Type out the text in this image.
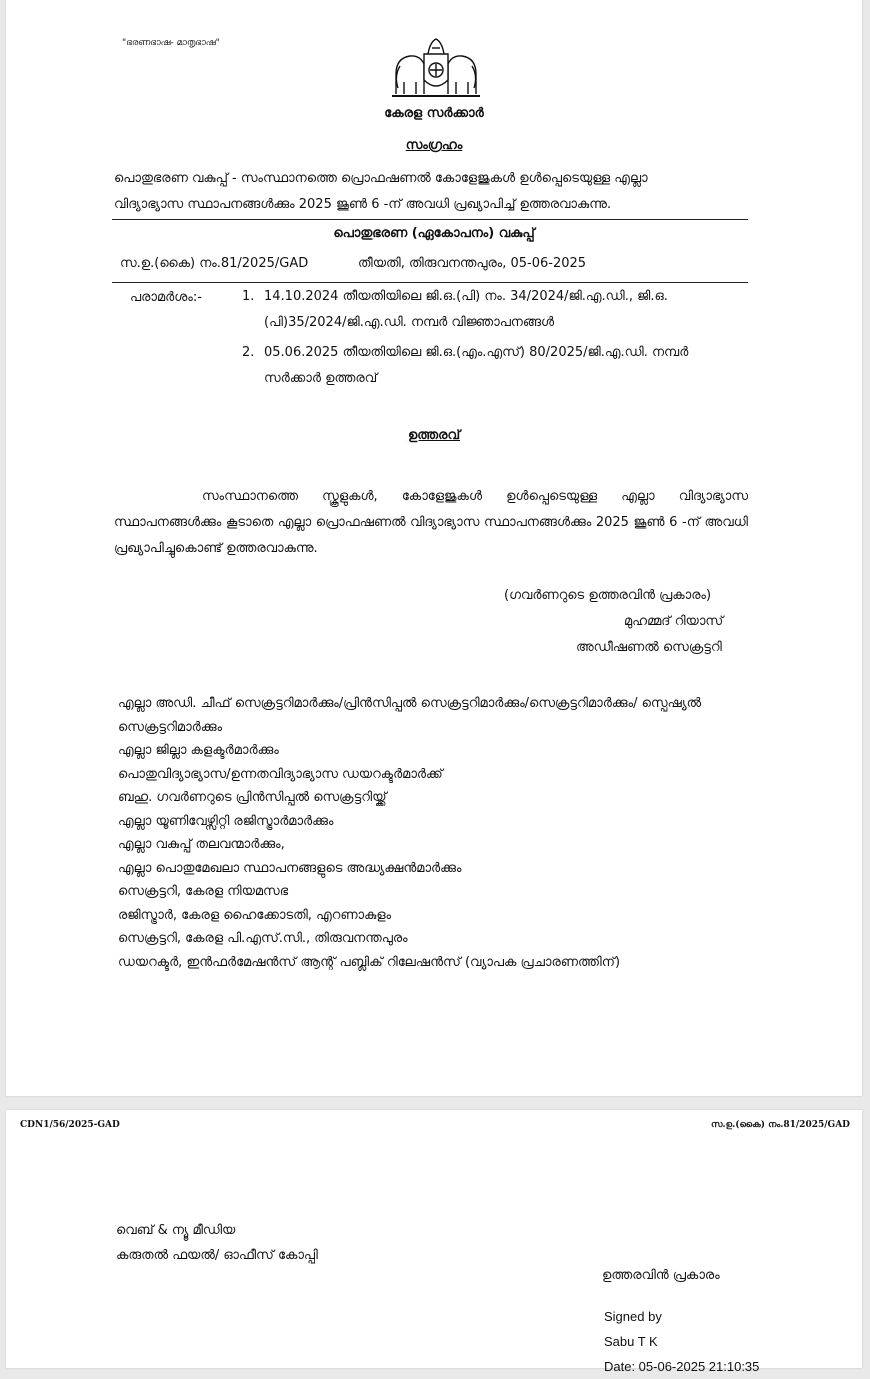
"ഭരണഭാഷ- മാതൃഭാഷ"
കേരള സർക്കാർ
സംഗ്രഹം
പൊതുഭരണ വകുപ്പ് - സംസ്ഥാനത്തെ പ്രൊഫഷണൽ കോളേജുകൾ ഉൾപ്പെടെയുള്ള എല്ലാ
വിദ്യാഭ്യാസ സ്ഥാപനങ്ങൾക്കും 2025 ജൂൺ 6 -ന് അവധി പ്രഖ്യാപിച്ച് ഉത്തരവാകുന്നു.
പൊതുഭരണ (ഏകോപനം) വകുപ്പ്
സ.ഉ.(കൈ) നം.81/2025/GAD	തീയതി, തിരുവനന്തപുരം, 05-06-2025
പരാമർശം:-	1. 14.10.2024 തീയതിയിലെ ജി.ഒ.(പി) നം. 34/2024/ജി.എ.ഡി., ജി.ഒ.
(പി)35/2024/ജി.എ.ഡി. നമ്പർ വിജ്ഞാപനങ്ങൾ
2. 05.06.2025 തീയതിയിലെ ജി.ഒ.(എം.എസ്) 80/2025/ജി.എ.ഡി. നമ്പർ
സർക്കാർ ഉത്തരവ്
ഉത്തരവ്
സംസ്ഥാനത്തെ സ്കൂളുകൾ, കോളേജുകൾ ഉൾപ്പെടെയുള്ള എല്ലാ വിദ്യാഭ്യാസ സ്ഥാപനങ്ങൾക്കും കൂടാതെ എല്ലാ പ്രൊഫഷണൽ വിദ്യാഭ്യാസ സ്ഥാപനങ്ങൾക്കും 2025 ജൂൺ 6 -ന് അവധി പ്രഖ്യാപിച്ചുകൊണ്ട് ഉത്തരവാകുന്നു.
(ഗവർണറുടെ ഉത്തരവിൻ പ്രകാരം)
മുഹമ്മദ് റിയാസ്
അഡീഷണൽ സെക്രട്ടറി
എല്ലാ അഡി. ചീഫ് സെക്രട്ടറിമാർക്കും/പ്രിൻസിപ്പൽ സെക്രട്ടറിമാർക്കും/സെക്രട്ടറിമാർക്കും/ സ്പെഷ്യൽ സെക്രട്ടറിമാർക്കും
എല്ലാ ജില്ലാ കളക്ടർമാർക്കും
പൊതുവിദ്യാഭ്യാസ/ഉന്നതവിദ്യാഭ്യാസ ഡയറക്ടർമാർക്ക്
ബഹു. ഗവർണറുടെ പ്രിൻസിപ്പൽ സെക്രട്ടറിയ്ക്ക്
എല്ലാ യൂണിവേഴ്സിറ്റി രജിസ്ട്രാർമാർക്കും
എല്ലാ വകുപ്പ് തലവന്മാർക്കും,
എല്ലാ പൊതുമേഖലാ സ്ഥാപനങ്ങളുടെ അദ്ധ്യക്ഷൻമാർക്കും
സെക്രട്ടറി, കേരള നിയമസഭ
രജിസ്ട്രാർ, കേരള ഹൈക്കോടതി, എറണാകുളം
സെക്രട്ടറി, കേരള പി.എസ്.സി., തിരുവനന്തപുരം
ഡയറക്ടർ, ഇൻഫർമേഷൻസ് ആന്റ് പബ്ലിക് റിലേഷൻസ് (വ്യാപക പ്രചാരണത്തിന്)
CDN1/56/2025-GAD	സ.ഉ.(കൈ) നം.81/2025/GAD
വെബ് & ന്യൂ മീഡിയ
കരുതൽ ഫയൽ/ ഓഫീസ് കോപ്പി
ഉത്തരവിൻ പ്രകാരം
Signed by
Sabu T K
Date: 05-06-2025 21:10:35
